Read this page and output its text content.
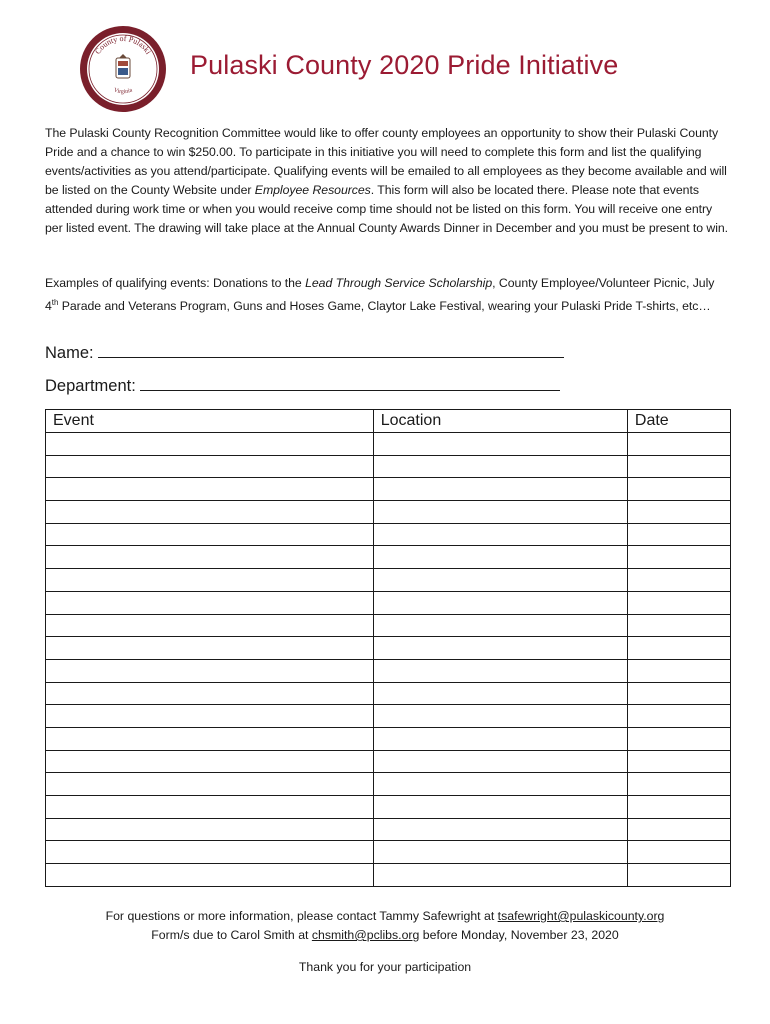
County of Pulaski
Virginia
Pulaski County 2020 Pride Initiative

The Pulaski County Recognition Committee would like to offer county employees an opportunity to show their Pulaski County Pride and a chance to win $250.00. To participate in this initiative you will need to complete this form and list the qualifying events/activities as you attend/participate. Qualifying events will be emailed to all employees as they become available and will be listed on the County Website under Employee Resources. This form will also be located there. Please note that events attended during work time or when you would receive comp time should not be listed on this form. You will receive one entry per listed event. The drawing will take place at the Annual County Awards Dinner in December and you must be present to win.

Examples of qualifying events: Donations to the Lead Through Service Scholarship, County Employee/Volunteer Picnic, July 4th Parade and Veterans Program, Guns and Hoses Game, Claytor Lake Festival, wearing your Pulaski Pride T-shirts, etc…

Name:
Department:
Event	Location	Date

For questions or more information, please contact Tammy Safewright at tsafewright@pulaskicounty.org
Form/s due to Carol Smith at chsmith@pclibs.org before Monday, November 23, 2020
Thank you for your participation
